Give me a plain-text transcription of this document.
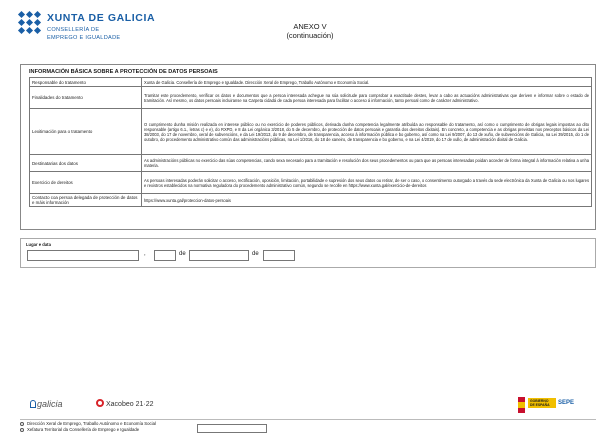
XUNTA DE GALICIA
CONSELLERÍA DE
EMPREGO E IGUALDADE
ANEXO V
(continuación)
INFORMACIÓN BÁSICA SOBRE A PROTECCIÓN DE DATOS PERSOAIS
Responsable do tratamento	Xunta de Galicia. Consellería de Emprego e Igualdade. Dirección Xeral de Emprego, Traballo Autónomo e Economía Social.
Finalidades do tratamento	Tramitar este procedemento, verificar os datos e documentos que a persoa interesada achegue na súa solicitude para comprobar a exactitude destes, levar a cabo as actuacións administrativas que deriven e informar sobre o estado de tramitación. Así mesmo, os datos persoais incluiranse na Carpeta cidadá de cada persoa interesada para facilitar o acceso á información, tanto persoal como de carácter administrativo.
Lexitimación para o tratamento	O cumprimento dunha misión realizada en interese público ou no exercicio de poderes públicos, derivada dunha competencia legalmente atribuída ao responsable do tratamento, así como o cumprimento de obrigas legais impostas ao dito responsable (artigo 6.1., letras c) e e), do RXPD, e 8 da Lei orgánica 3/2018, do 5 de decembro, de protección de datos persoais e garantía dos dereitos dixitais). En concreto, a competencia e as obrigas previstas nos preceptos básicos da Lei 38/2003, do 17 de novembro, xeral de subvencións, e da Lei 19/2013, do 9 de decembro, de transparencia, acceso á información pública e bo goberno, así como na Lei 9/2007, do 13 de xuño, de subvencións de Galicia, na Lei 39/2015, do 1 de outubro, do procedemento administrativo común das administracións públicas, na Lei 1/2016, do 18 de xaneiro, de transparencia e bo goberno, e na Lei 4/2019, do 17 de xullo, de administración dixital de Galicia.
Destinatarias dos datos	As administracións públicas no exercicio das súas competencias, cando sexa necesario para a tramitación e resolución dos seus procedementos ou para que as persoas interesadas poidan acceder de forma integral á información relativa a unha materia.
Exercicio de dereitos	As persoas interesadas poderán solicitar o acceso, rectificación, oposición, limitación, portabilidade e supresión dos seus datos ou retirar, de ser o caso, o consentimento outorgado a través da sede electrónica da Xunta de Galicia ou nos lugares e rexistros establecidos na normativa reguladora do procedemento administrativo común, segundo se recolle en https://www.xunta.gal/exercicio-de-dereitos
Contacto coa persoa delegada de protección de datos e máis información	https://www.xunta.gal/proteccion-datos-persoais
Lugar e data
,	de	de
galicia	Xacobeo 21·22	GOBIERNO DE ESPAÑA	SEPE
Dirección Xeral de Emprego, Traballo Autónomo e Economía Social
Xefatura Territorial da Consellería de Emprego e Igualdade
